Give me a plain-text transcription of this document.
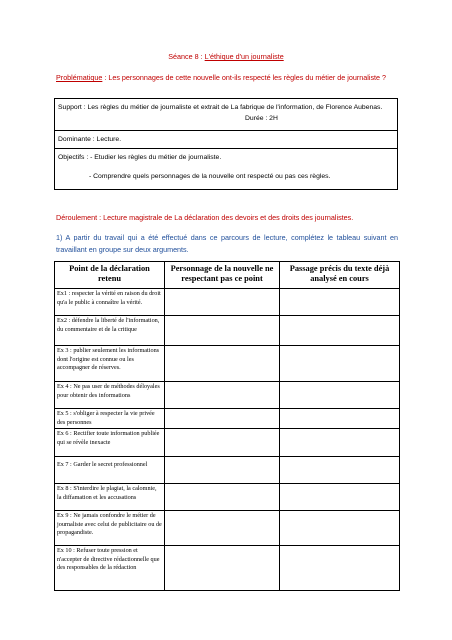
Séance 8 : L'éthique d'un journaliste
Problématique : Les personnages de cette nouvelle ont-ils respecté les règles du métier de journaliste ?
Support : Les règles du métier de journaliste et extrait de La fabrique de l'information, de Florence Aubenas.
Durée : 2H

Dominante : Lecture.

Objectifs : - Etudier les règles du métier de journaliste.
- Comprendre quels personnages de la nouvelle ont respecté ou pas ces règles.
Déroulement : Lecture magistrale de La déclaration des devoirs et des droits des journalistes.
1) A partir du travail qui a été effectué dans ce parcours de lecture, complétez le tableau suivant en travaillant en groupe sur deux arguments.
Point de la déclaration retenu	Personnage de la nouvelle ne respectant pas ce point	Passage précis du texte déjà analysé en cours
Ex1 : respecter la vérité en raison du droit qu'a le public à connaître la vérité.		
Ex2 : défendre la liberté de l'information, du commentaire et de la critique		
Ex 3 : publier seulement les informations dont l'origine est connue ou les accompagner de réserves.		
Ex 4 : Ne pas user de méthodes déloyales pour obtenir des informations		
Ex 5 : s'obliger à respecter la vie privée des personnes		
Ex 6 : Rectifier toute information publiée qui se révèle inexacte		
Ex 7 : Garder le secret professionnel		
Ex 8 : S'interdire le plagiat, la calomnie, la diffamation et les accusations		
Ex 9 : Ne jamais confondre le métier de journaliste avec celui de publicitaire ou de propagandiste.		
Ex 10 : Refuser toute pression et n'accepter de directive rédactionnelle que des responsables de la rédaction		
